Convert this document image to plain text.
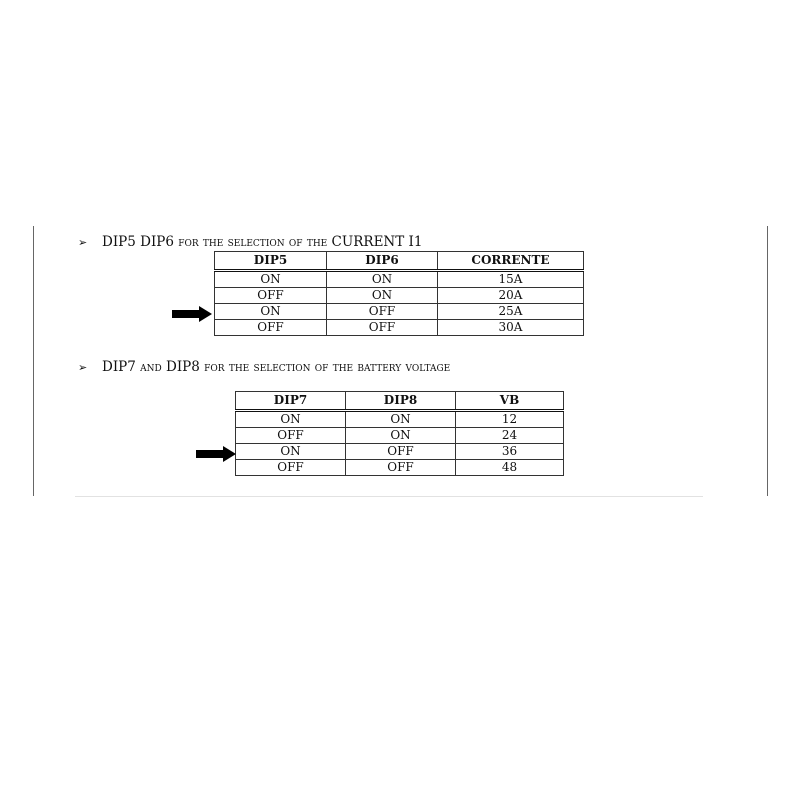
➢ DIP5 DIP6 for the selection of the CURRENT I1
DIP5	DIP6	CORRENTE
ON	ON	15A
OFF	ON	20A
ON	OFF	25A
OFF	OFF	30A
➢ DIP7 and DIP8 for the selection of the battery voltage
DIP7	DIP8	VB
ON	ON	12
OFF	ON	24
ON	OFF	36
OFF	OFF	48
